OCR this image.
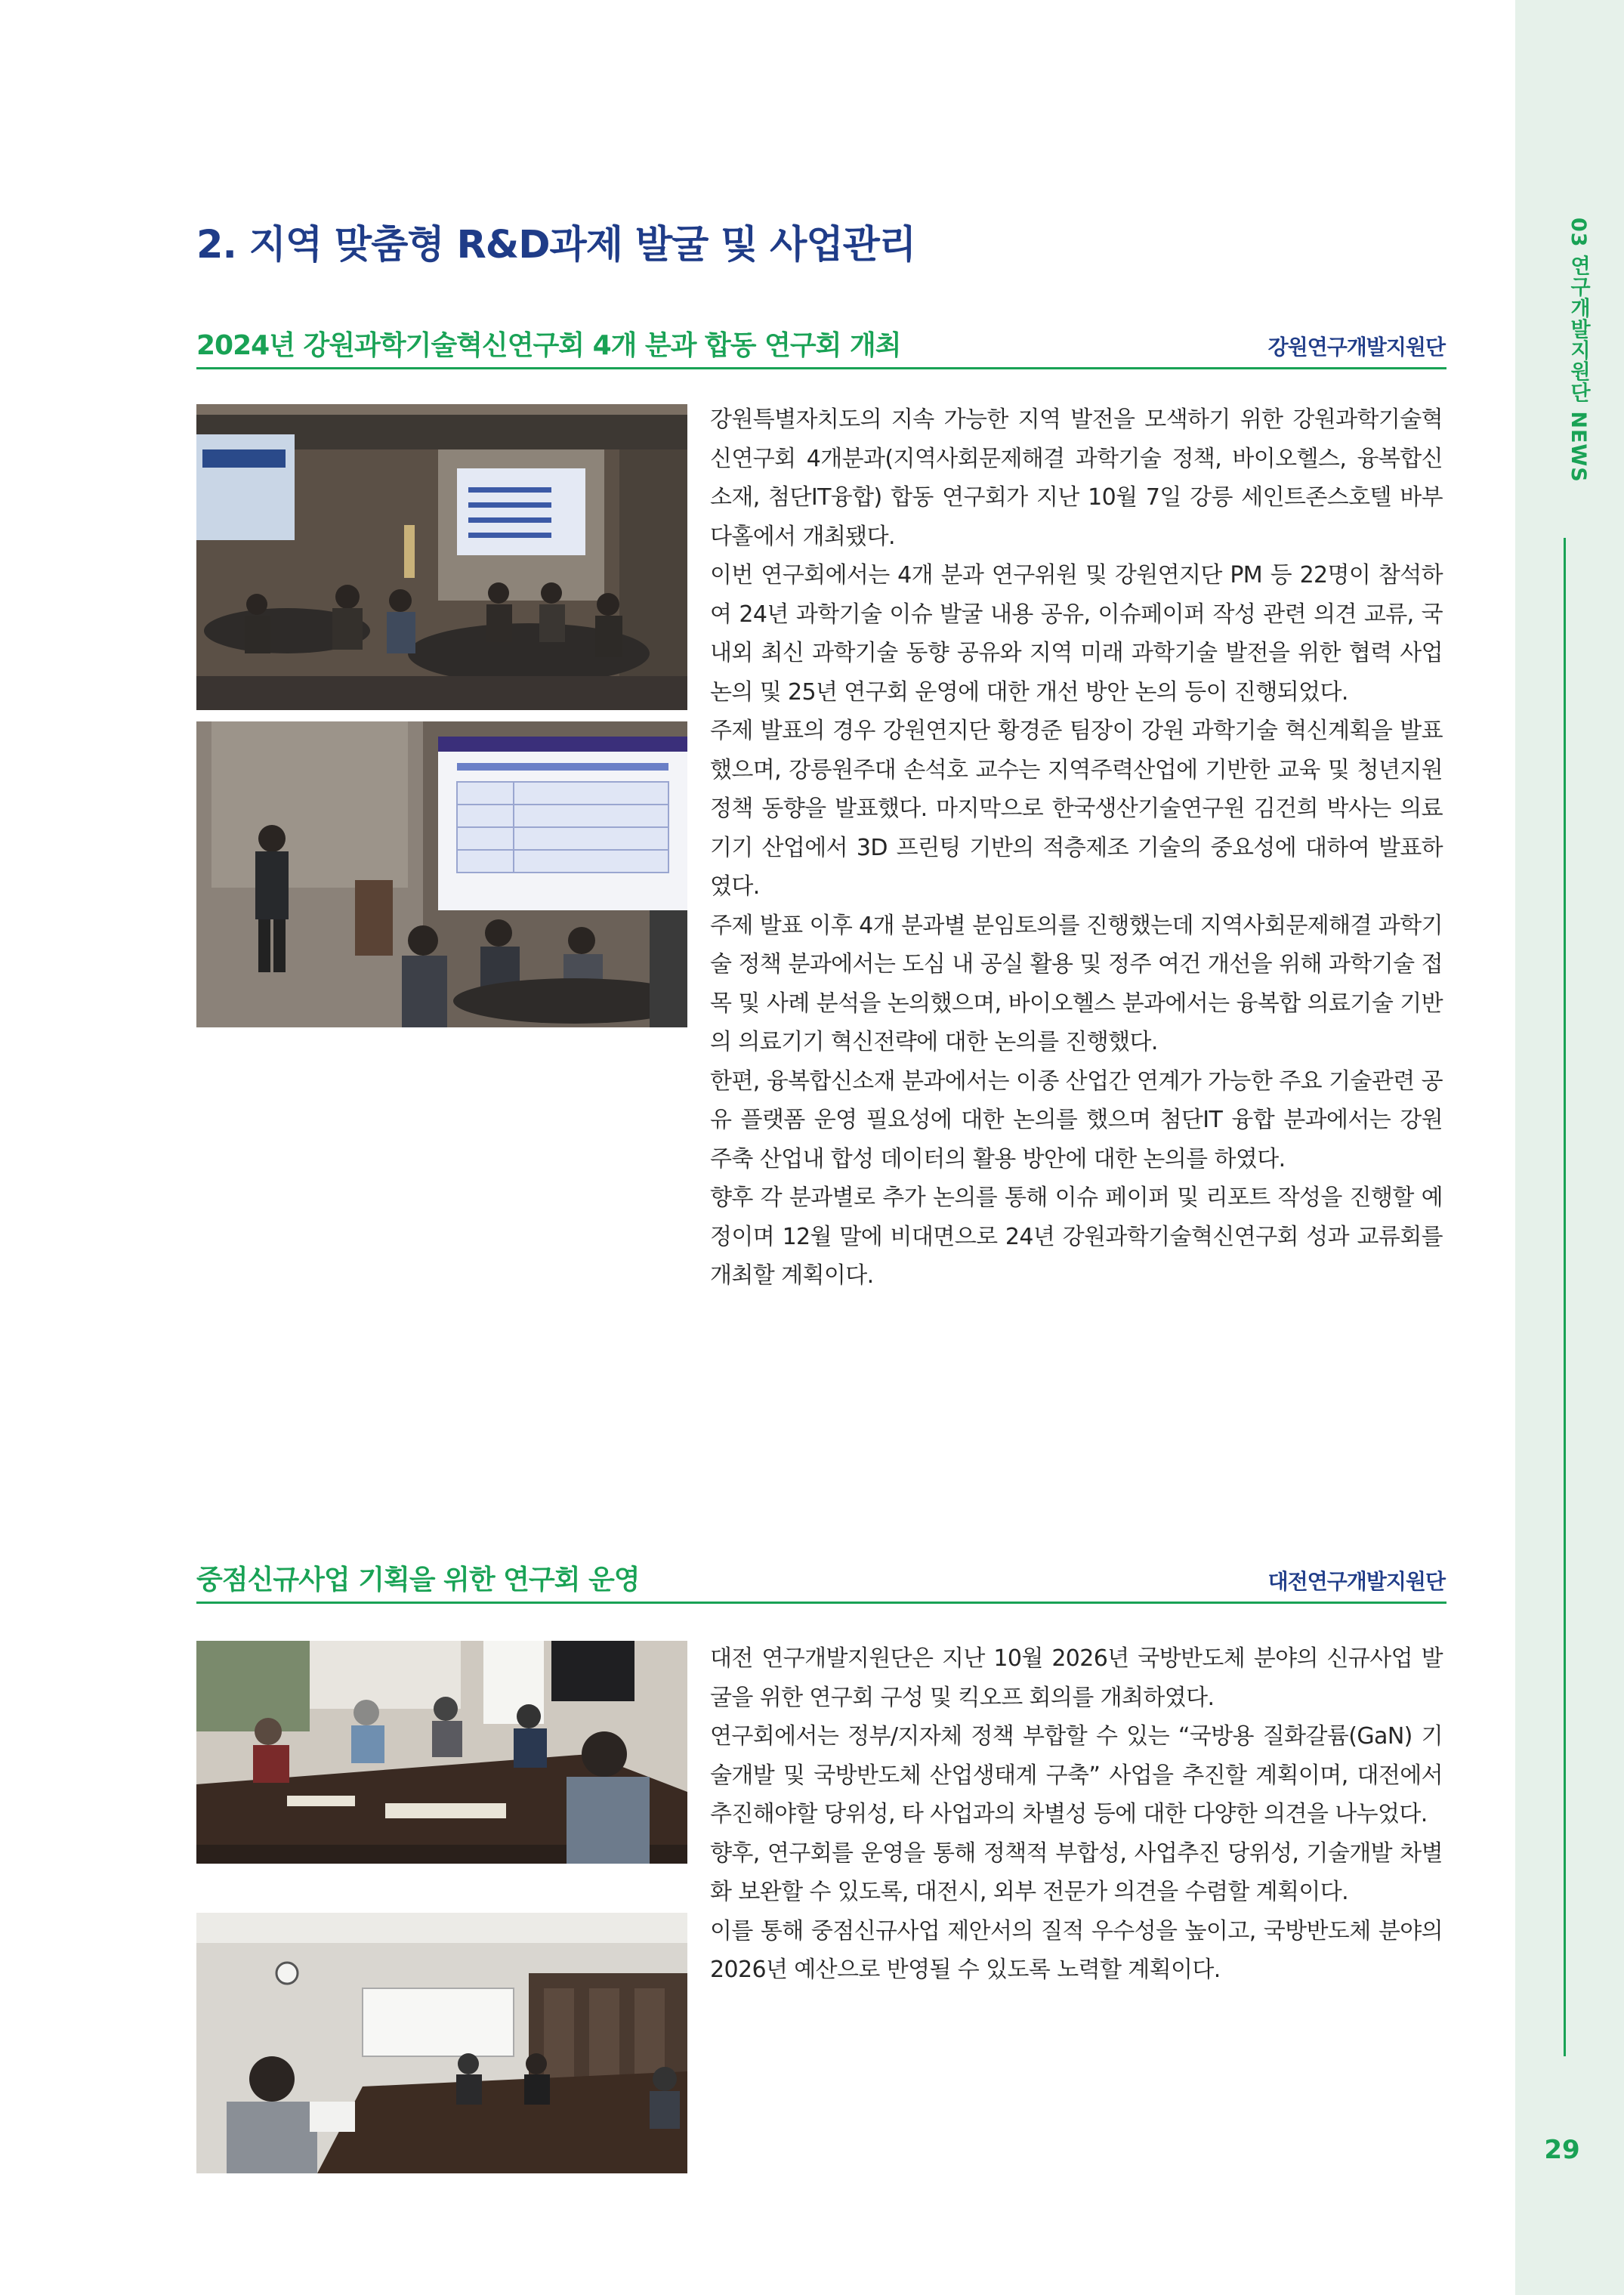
03 연구개발지원단 NEWS
29
2. 지역 맞춤형 R&D과제 발굴 및 사업관리
2024년 강원과학기술혁신연구회 4개 분과 합동 연구회 개최	강원연구개발지원단

강원특별자치도의 지속 가능한 지역 발전을 모색하기 위한 강원과학기술혁신연구회 4개분과(지역사회문제해결 과학기술 정책, 바이오헬스, 융복합신소재, 첨단IT융합) 합동 연구회가 지난 10월 7일 강릉 세인트존스호텔 바부다홀에서 개최됐다.

이번 연구회에서는 4개 분과 연구위원 및 강원연지단 PM 등 22명이 참석하여 24년 과학기술 이슈 발굴 내용 공유, 이슈페이퍼 작성 관련 의견 교류, 국내외 최신 과학기술 동향 공유와 지역 미래 과학기술 발전을 위한 협력 사업 논의 및 25년 연구회 운영에 대한 개선 방안 논의 등이 진행되었다.

주제 발표의 경우 강원연지단 황경준 팀장이 강원 과학기술 혁신계획을 발표했으며, 강릉원주대 손석호 교수는 지역주력산업에 기반한 교육 및 청년지원정책 동향을 발표했다. 마지막으로 한국생산기술연구원 김건희 박사는 의료기기 산업에서 3D 프린팅 기반의 적층제조 기술의 중요성에 대하여 발표하였다.

주제 발표 이후 4개 분과별 분임토의를 진행했는데 지역사회문제해결 과학기술 정책 분과에서는 도심 내 공실 활용 및 정주 여건 개선을 위해 과학기술 접목 및 사례 분석을 논의했으며, 바이오헬스 분과에서는 융복합 의료기술 기반의 의료기기 혁신전략에 대한 논의를 진행했다.

한편, 융복합신소재 분과에서는 이종 산업간 연계가 가능한 주요 기술관련 공유 플랫폼 운영 필요성에 대한 논의를 했으며 첨단IT 융합 분과에서는 강원 주축 산업내 합성 데이터의 활용 방안에 대한 논의를 하였다.

향후 각 분과별로 추가 논의를 통해 이슈 페이퍼 및 리포트 작성을 진행할 예정이며 12월 말에 비대면으로 24년 강원과학기술혁신연구회 성과 교류회를 개최할 계획이다.

중점신규사업 기획을 위한 연구회 운영	대전연구개발지원단

대전 연구개발지원단은 지난 10월 2026년 국방반도체 분야의 신규사업 발굴을 위한 연구회 구성 및 킥오프 회의를 개최하였다.

연구회에서는 정부/지자체 정책 부합할 수 있는 “국방용 질화갈륨(GaN) 기술개발 및 국방반도체 산업생태계 구축” 사업을 추진할 계획이며, 대전에서 추진해야할 당위성, 타 사업과의 차별성 등에 대한 다양한 의견을 나누었다.

향후, 연구회를 운영을 통해 정책적 부합성, 사업추진 당위성, 기술개발 차별화 보완할 수 있도록, 대전시, 외부 전문가 의견을 수렴할 계획이다.

이를 통해 중점신규사업 제안서의 질적 우수성을 높이고, 국방반도체 분야의 2026년 예산으로 반영될 수 있도록 노력할 계획이다.
